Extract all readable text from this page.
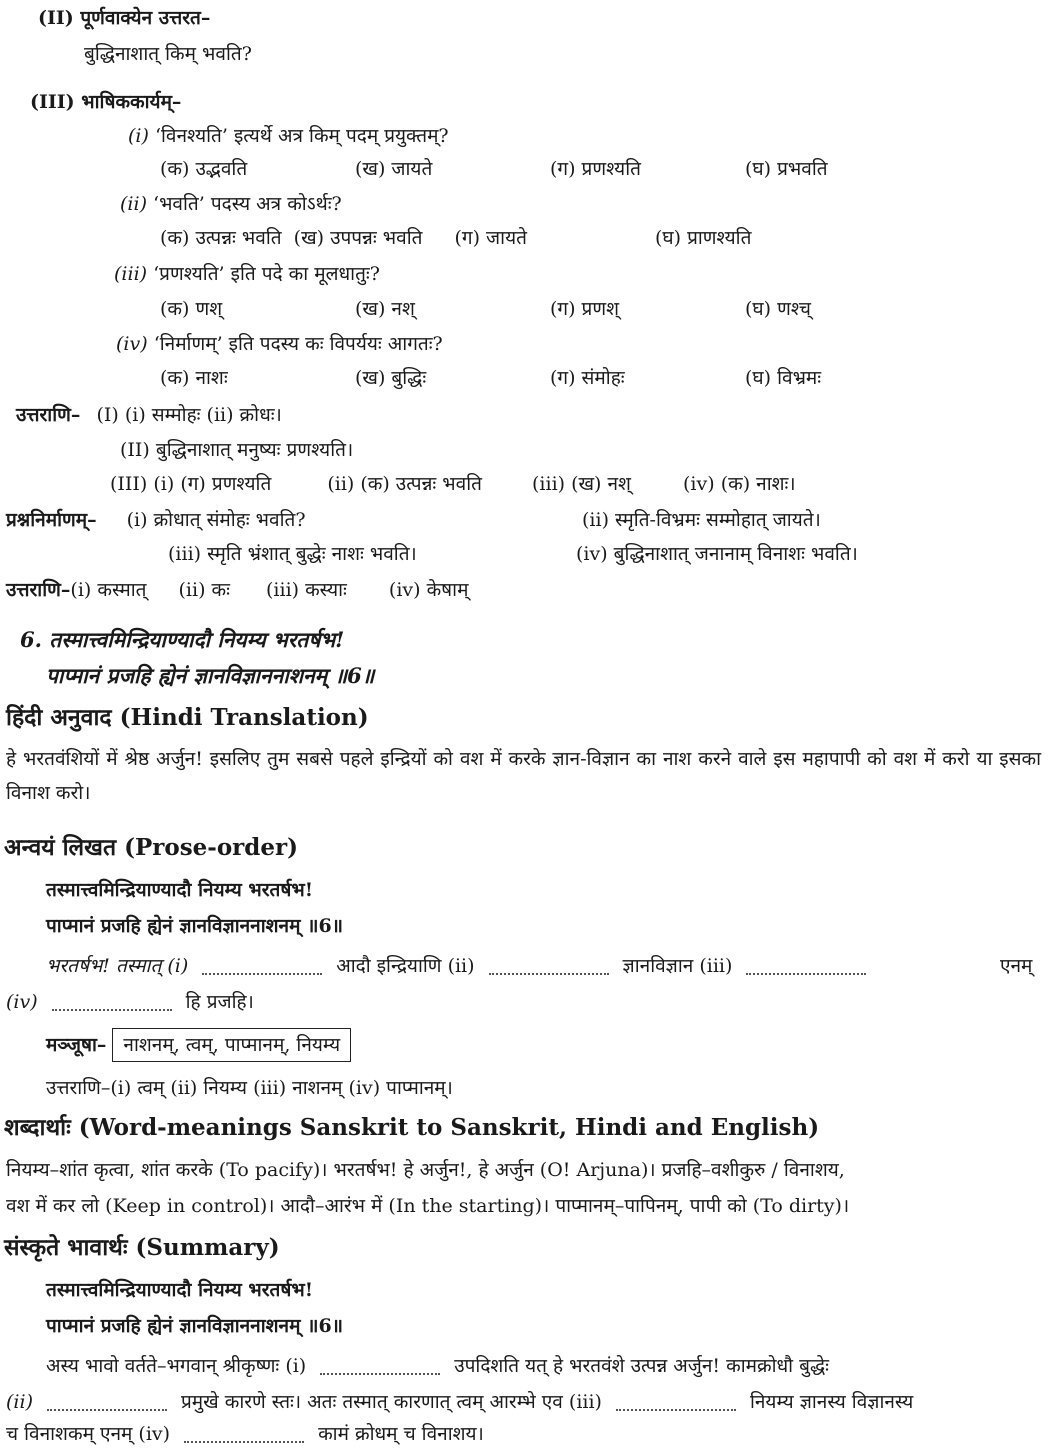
(II) पूर्णवाक्येन उत्तरत–
बुद्धिनाशात् किम् भवति?
(III) भाषिककार्यम्–
(i) ‘विनश्यति’ इत्यर्थे अत्र किम् पदम् प्रयुक्तम्?
(क) उद्भवति	(ख) जायते	(ग) प्रणश्यति	(घ) प्रभवति
(ii) ‘भवति’ पदस्य अत्र कोऽर्थः?
(क) उत्पन्नः भवति (ख) उपपन्नः भवति (ग) जायते	(घ) प्राणश्यति
(iii) ‘प्रणश्यति’ इति पदे का मूलधातुः?
(क) णश्	(ख) नश्	(ग) प्रणश्	(घ) णश्च्
(iv) ‘निर्माणम्’ इति पदस्य कः विपर्ययः आगतः?
(क) नाशः	(ख) बुद्धिः	(ग) संमोहः	(घ) विभ्रमः
उत्तराणि– (I) (i) सम्मोहः (ii) क्रोधः।
(II) बुद्धिनाशात् मनुष्यः प्रणश्यति।
(III) (i) (ग) प्रणश्यति	(ii) (क) उत्पन्नः भवति	(iii) (ख) नश्	(iv) (क) नाशः।
प्रश्ननिर्माणम्– (i) क्रोधात् संमोहः भवति?	(ii) स्मृति-विभ्रमः सम्मोहात् जायते।
(iii) स्मृति भ्रंशात् बुद्धेः नाशः भवति।	(iv) बुद्धिनाशात् जनानाम् विनाशः भवति।
उत्तराणि–(i) कस्मात् (ii) कः (iii) कस्याः (iv) केषाम्
6. तस्मात्त्वमिन्द्रियाण्यादौ नियम्य भरतर्षभ!
पाप्मानं प्रजहि ह्येनं ज्ञानविज्ञाननाशनम् ॥6॥
हिंदी अनुवाद (Hindi Translation)
हे भरतवंशियों में श्रेष्ठ अर्जुन! इसलिए तुम सबसे पहले इन्द्रियों को वश में करके ज्ञान-विज्ञान का नाश करने वाले इस महापापी को वश में करो या इसका विनाश करो।
अन्वयं लिखत (Prose-order)
तस्मात्त्वमिन्द्रियाण्यादौ नियम्य भरतर्षभ!
पाप्मानं प्रजहि ह्येनं ज्ञानविज्ञाननाशनम् ॥6॥
भरतर्षभ! तस्मात् (i)	आदौ इन्द्रियाणि (ii)	ज्ञानविज्ञान (iii)	एनम्
(iv)	हि प्रजहि।
मञ्जूषा– नाशनम्, त्वम्, पाप्मानम्, नियम्य
उत्तराणि–(i) त्वम् (ii) नियम्य (iii) नाशनम् (iv) पाप्मानम्।
शब्दार्थाः (Word-meanings Sanskrit to Sanskrit, Hindi and English)
नियम्य–शांत कृत्वा, शांत करके (To pacify)। भरतर्षभ! हे अर्जुन!, हे अर्जुन (O! Arjuna)। प्रजहि–वशीकुरु / विनाशय,
वश में कर लो (Keep in control)। आदौ–आरंभ में (In the starting)। पाप्मानम्–पापिनम्, पापी को (To dirty)।
संस्कृते भावार्थः (Summary)
तस्मात्त्वमिन्द्रियाण्यादौ नियम्य भरतर्षभ!
पाप्मानं प्रजहि ह्येनं ज्ञानविज्ञाननाशनम् ॥6॥
अस्य भावो वर्तते–भगवान् श्रीकृष्णः (i)	उपदिशति यत् हे भरतवंशे उत्पन्न अर्जुन! कामक्रोधौ बुद्धेः
(ii)	प्रमुखे कारणे स्तः। अतः तस्मात् कारणात् त्वम् आरम्भे एव (iii)	नियम्य ज्ञानस्य विज्ञानस्य
च विनाशकम् एनम् (iv)	कामं क्रोधम् च विनाशय।
